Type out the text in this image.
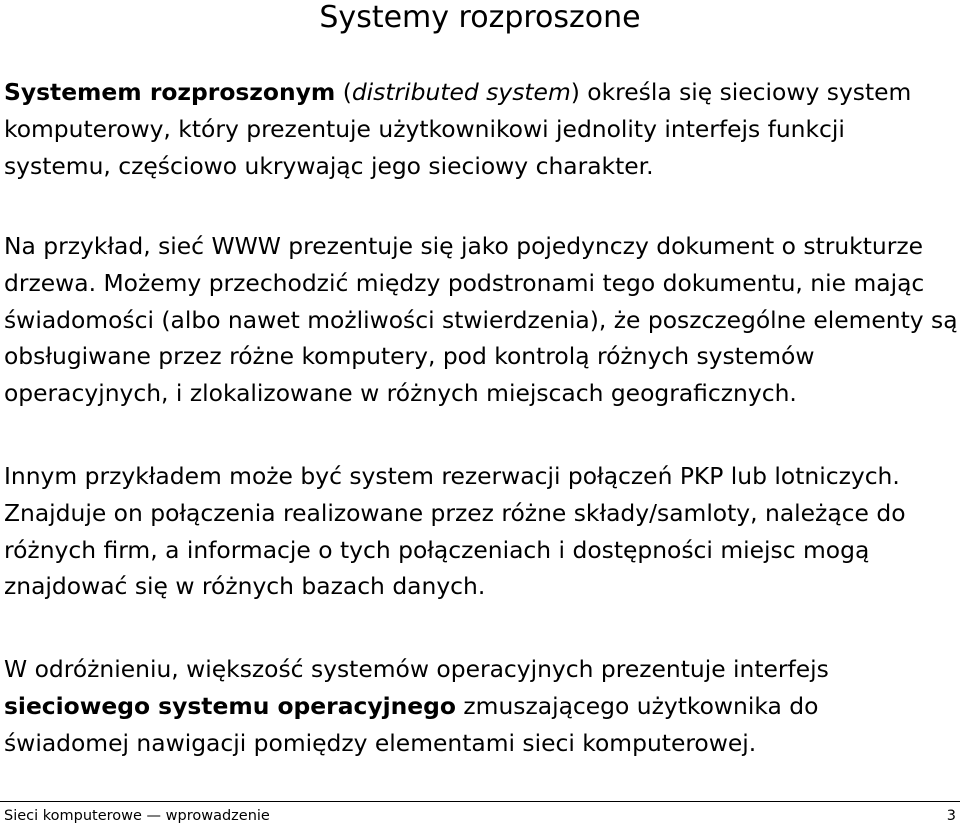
Systemy rozproszone
Systemem rozproszonym (distributed system) określa się sieciowy system
komputerowy, który prezentuje użytkownikowi jednolity interfejs funkcji
systemu, częściowo ukrywając jego sieciowy charakter.
Na przykład, sieć WWW prezentuje się jako pojedynczy dokument o strukturze
drzewa. Możemy przechodzić między podstronami tego dokumentu, nie mając
świadomości (albo nawet możliwości stwierdzenia), że poszczególne elementy są
obsługiwane przez różne komputery, pod kontrolą różnych systemów
operacyjnych, i zlokalizowane w różnych miejscach geograficznych.
Innym przykładem może być system rezerwacji połączeń PKP lub lotniczych.
Znajduje on połączenia realizowane przez różne składy/samloty, należące do
różnych firm, a informacje o tych połączeniach i dostępności miejsc mogą
znajdować się w różnych bazach danych.
W odróżnieniu, większość systemów operacyjnych prezentuje interfejs
sieciowego systemu operacyjnego zmuszającego użytkownika do
świadomej nawigacji pomiędzy elementami sieci komputerowej.
Sieci komputerowe — wprowadzenie	3
